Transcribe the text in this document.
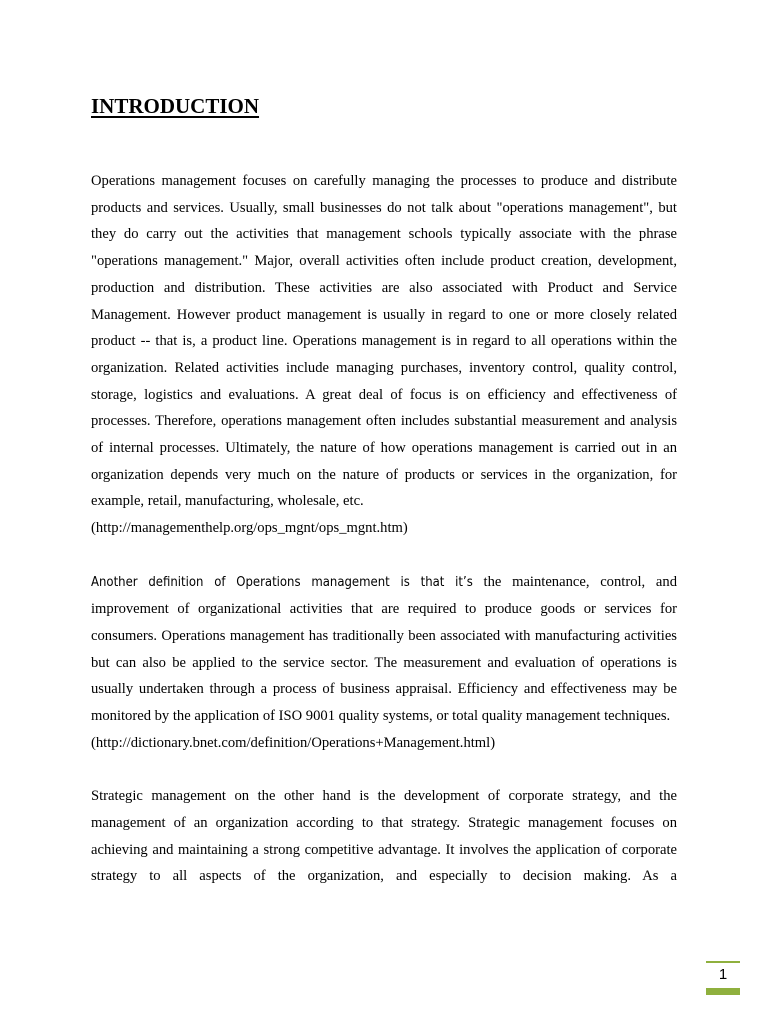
INTRODUCTION

Operations management focuses on carefully managing the processes to produce and distribute products and services. Usually, small businesses do not talk about "operations management", but they do carry out the activities that management schools typically associate with the phrase "operations management." Major, overall activities often include product creation, development, production and distribution. These activities are also associated with Product and Service Management. However product management is usually in regard to one or more closely related product -- that is, a product line. Operations management is in regard to all operations within the organization. Related activities include managing purchases, inventory control, quality control, storage, logistics and evaluations. A great deal of focus is on efficiency and effectiveness of processes. Therefore, operations management often includes substantial measurement and analysis of internal processes. Ultimately, the nature of how operations management is carried out in an organization depends very much on the nature of products or services in the organization, for example, retail, manufacturing, wholesale, etc.

(http://managementhelp.org/ops_mgnt/ops_mgnt.htm)

Another definition of Operations management is that it’s the maintenance, control, and improvement of organizational activities that are required to produce goods or services for consumers. Operations management has traditionally been associated with manufacturing activities but can also be applied to the service sector. The measurement and evaluation of operations is usually undertaken through a process of business appraisal. Efficiency and effectiveness may be monitored by the application of ISO 9001 quality systems, or total quality management techniques.

(http://dictionary.bnet.com/definition/Operations+Management.html)

Strategic management on the other hand is the development of corporate strategy, and the management of an organization according to that strategy. Strategic management focuses on achieving and maintaining a strong competitive advantage. It involves the application of corporate strategy to all aspects of the organization, and especially to decision making. As a

1
